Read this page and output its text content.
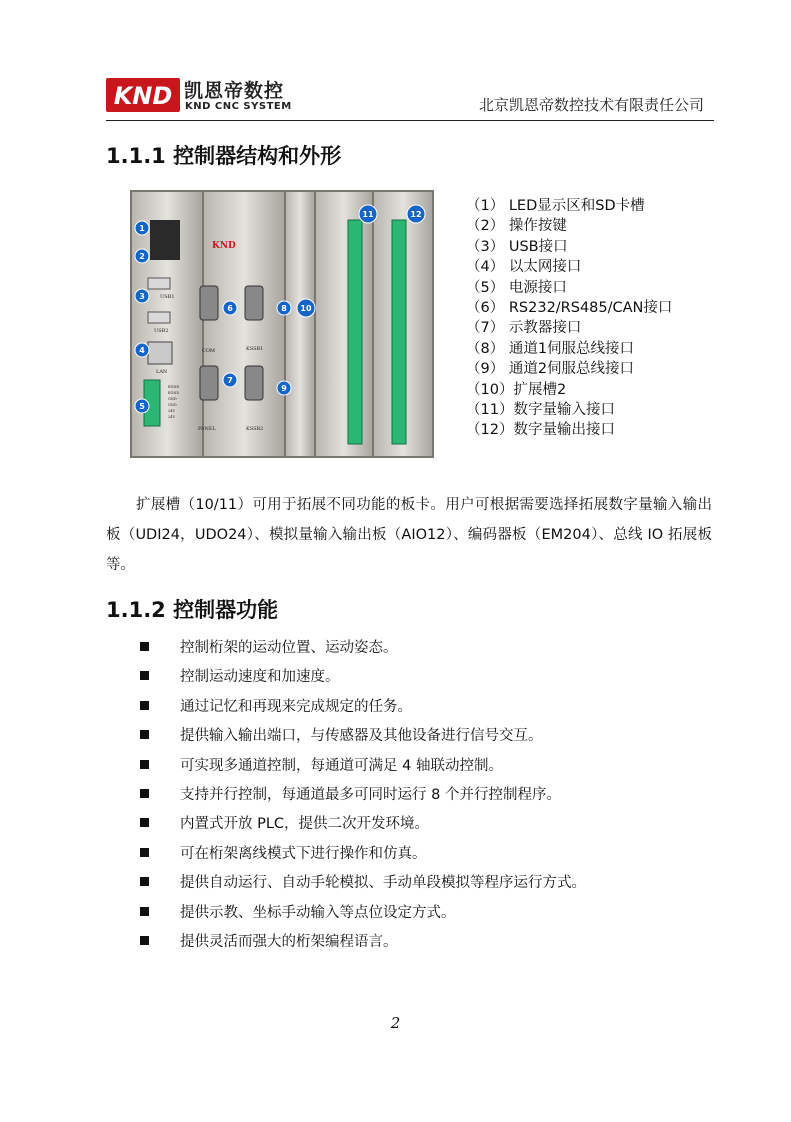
KND 凯恩帝数控
KND CNC SYSTEM	北京凯恩帝数控技术有限责任公司
1.1.1 控制器结构和外形
USB1
USB2
LAN
EGND
EGND
GND
GND
24V
24V
KND
COM	KSSB1
PANEL	KSSB2
1
2
3
4
5
6
7
8
9
10
11	12
（1） LED显示区和SD卡槽
（2） 操作按键
（3） USB接口
（4） 以太网接口
（5） 电源接口
（6） RS232/RS485/CAN接口
（7） 示教器接口
（8） 通道1伺服总线接口
（9） 通道2伺服总线接口
（10）扩展槽2
（11）数字量输入接口
（12）数字量输出接口

扩展槽（10/11）可用于拓展不同功能的板卡。用户可根据需要选择拓展数字量输入输出板（UDI24，UDO24）、模拟量输入输出板（AIO12）、编码器板（EM204）、总线 IO 拓展板等。

1.1.2 控制器功能
控制桁架的运动位置、运动姿态。
控制运动速度和加速度。
通过记忆和再现来完成规定的任务。
提供输入输出端口，与传感器及其他设备进行信号交互。
可实现多通道控制，每通道可满足 4 轴联动控制。
支持并行控制，每通道最多可同时运行 8 个并行控制程序。
内置式开放 PLC，提供二次开发环境。
可在桁架离线模式下进行操作和仿真。
提供自动运行、自动手轮模拟、手动单段模拟等程序运行方式。
提供示教、坐标手动输入等点位设定方式。
提供灵活而强大的桁架编程语言。
2
